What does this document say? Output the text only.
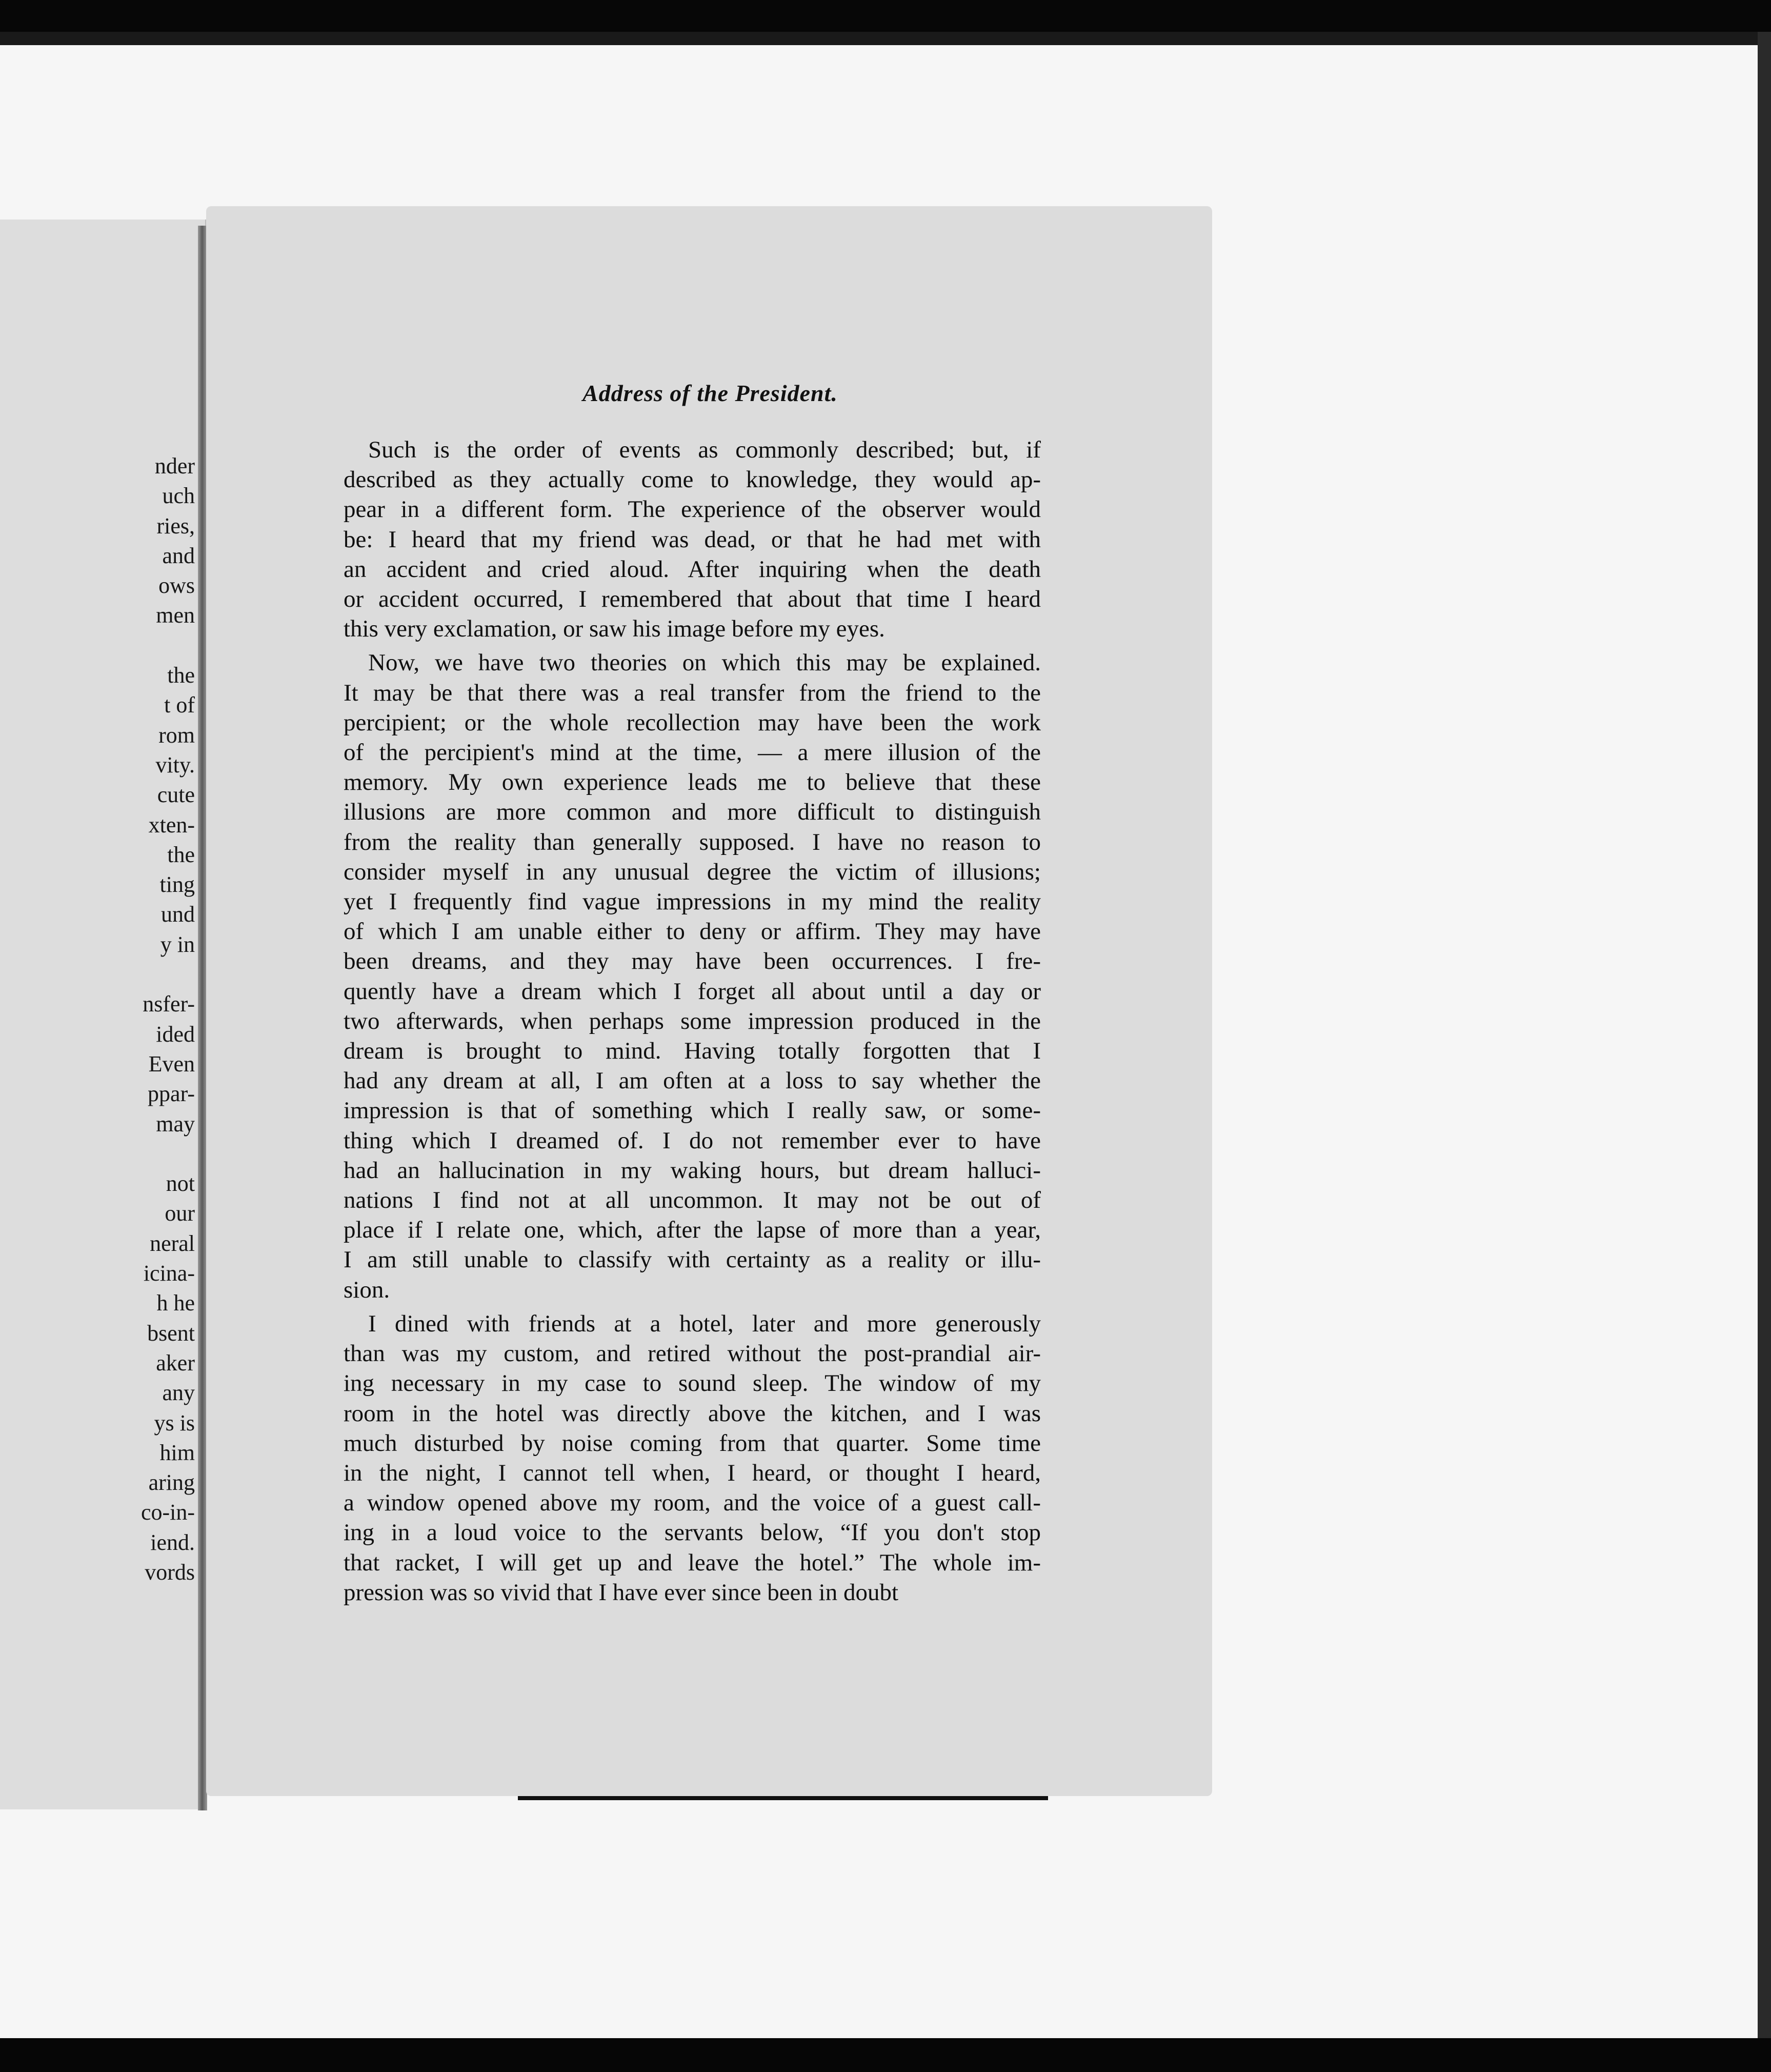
nder
uch
ries,
and
ows
men

the
t of
rom
vity.
cute
xten-
the
ting
und
y in

nsfer-
ided
Even
ppar-
may

not
our
neral
icina-
h he
bsent
aker
any
ys is
him
aring
co-in-
iend.
vords
Address of the President.
Such is the order of events as commonly described; but, if
described as they actually come to knowledge, they would ap-
pear in a different form. The experience of the observer would
be: I heard that my friend was dead, or that he had met with
an accident and cried aloud. After inquiring when the death
or accident occurred, I remembered that about that time I heard
this very exclamation, or saw his image before my eyes.
Now, we have two theories on which this may be explained.
It may be that there was a real transfer from the friend to the
percipient; or the whole recollection may have been the work
of the percipient's mind at the time, — a mere illusion of the
memory. My own experience leads me to believe that these
illusions are more common and more difficult to distinguish
from the reality than generally supposed. I have no reason to
consider myself in any unusual degree the victim of illusions;
yet I frequently find vague impressions in my mind the reality
of which I am unable either to deny or affirm. They may have
been dreams, and they may have been occurrences. I fre-
quently have a dream which I forget all about until a day or
two afterwards, when perhaps some impression produced in the
dream is brought to mind. Having totally forgotten that I
had any dream at all, I am often at a loss to say whether the
impression is that of something which I really saw, or some-
thing which I dreamed of. I do not remember ever to have
had an hallucination in my waking hours, but dream halluci-
nations I find not at all uncommon. It may not be out of
place if I relate one, which, after the lapse of more than a year,
I am still unable to classify with certainty as a reality or illu-
sion.
I dined with friends at a hotel, later and more generously
than was my custom, and retired without the post-prandial air-
ing necessary in my case to sound sleep. The window of my
room in the hotel was directly above the kitchen, and I was
much disturbed by noise coming from that quarter. Some time
in the night, I cannot tell when, I heard, or thought I heard,
a window opened above my room, and the voice of a guest call-
ing in a loud voice to the servants below, “If you don't stop
that racket, I will get up and leave the hotel.” The whole im-
pression was so vivid that I have ever since been in doubt
